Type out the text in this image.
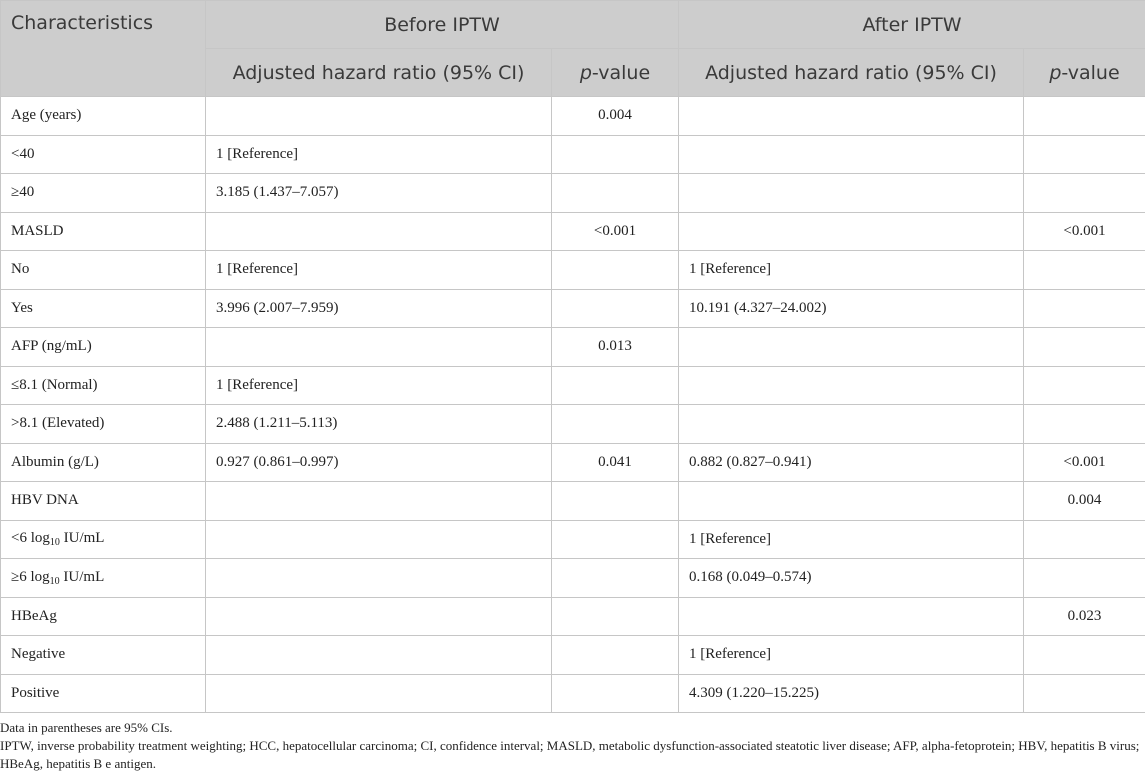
Characteristics	Before IPTW		After IPTW	
	Adjusted hazard ratio (95% CI)	p-value	Adjusted hazard ratio (95% CI)	p-value
Age (years)		0.004		
<40	1 [Reference]			
≥40	3.185 (1.437–7.057)			
MASLD		<0.001		<0.001
No	1 [Reference]		1 [Reference]	
Yes	3.996 (2.007–7.959)		10.191 (4.327–24.002)	
AFP (ng/mL)		0.013		
≤8.1 (Normal)	1 [Reference]			
>8.1 (Elevated)	2.488 (1.211–5.113)			
Albumin (g/L)	0.927 (0.861–0.997)	0.041	0.882 (0.827–0.941)	<0.001
HBV DNA				0.004
<6 $\log_{10} IU/mL$			1 [Reference]	
≥6 $\log_{10} IU/mL$			0.168 (0.049–0.574)	
HBeAg				0.023
Negative			1 [Reference]	
Positive			4.309 (1.220–15.225)	

Data in parentheses are 95% CIs.

IPTW, inverse probability treatment weighting; HCC, hepatocellular carcinoma; CI, confidence interval; MASLD, metabolic dysfunction-associated steatotic liver disease; AFP, alpha-fetoprotein; HBV, hepatitis B virus; HBeAg, hepatitis B e antigen.
